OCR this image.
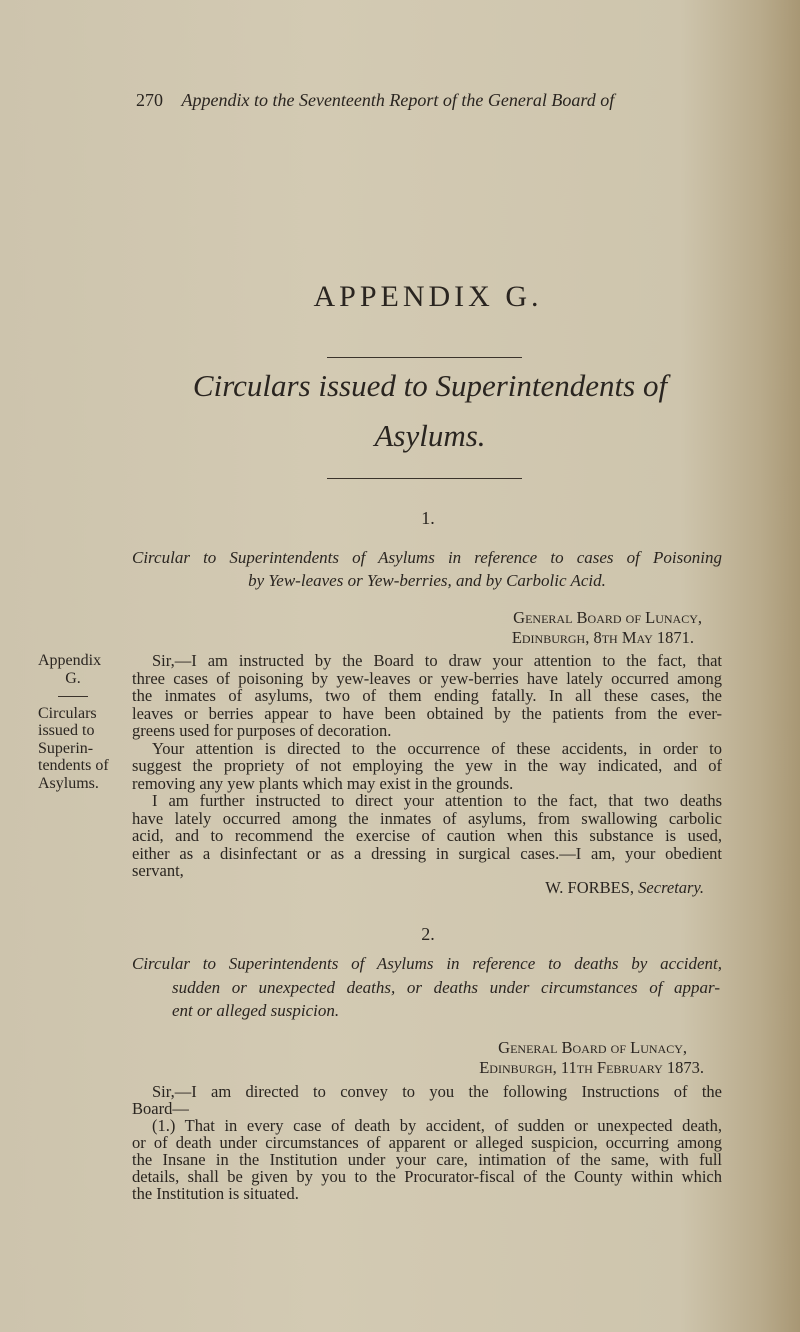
270 Appendix to the Seventeenth Report of the General Board of
APPENDIX G.
Circulars issued to Superintendents of
Asylums.
1.
Circular to Superintendents of Asylums in reference to cases of Poisoning
by Yew-leaves or Yew-berries, and by Carbolic Acid.
General Board of Lunacy,
Edinburgh, 8th May 1871.
Sir,—I am instructed by the Board to draw your attention to the fact, that
three cases of poisoning by yew-leaves or yew-berries have lately occurred among
the inmates of asylums, two of them ending fatally. In all these cases, the
leaves or berries appear to have been obtained by the patients from the ever-
greens used for purposes of decoration.
Your attention is directed to the occurrence of these accidents, in order to
suggest the propriety of not employing the yew in the way indicated, and of
removing any yew plants which may exist in the grounds.
I am further instructed to direct your attention to the fact, that two deaths
have lately occurred among the inmates of asylums, from swallowing carbolic
acid, and to recommend the exercise of caution when this substance is used,
either as a disinfectant or as a dressing in surgical cases.—I am, your obedient
servant,
W. FORBES, Secretary.
Appendix
G.
Circulars
issued to
Superin-
tendents of
Asylums.
2.
Circular to Superintendents of Asylums in reference to deaths by accident,
sudden or unexpected deaths, or deaths under circumstances of appar-
ent or alleged suspicion.
General Board of Lunacy,
Edinburgh, 11th February 1873.
Sir,—I am directed to convey to you the following Instructions of the
Board—
(1.) That in every case of death by accident, of sudden or unexpected death,
or of death under circumstances of apparent or alleged suspicion, occurring among
the Insane in the Institution under your care, intimation of the same, with full
details, shall be given by you to the Procurator-fiscal of the County within which
the Institution is situated.
